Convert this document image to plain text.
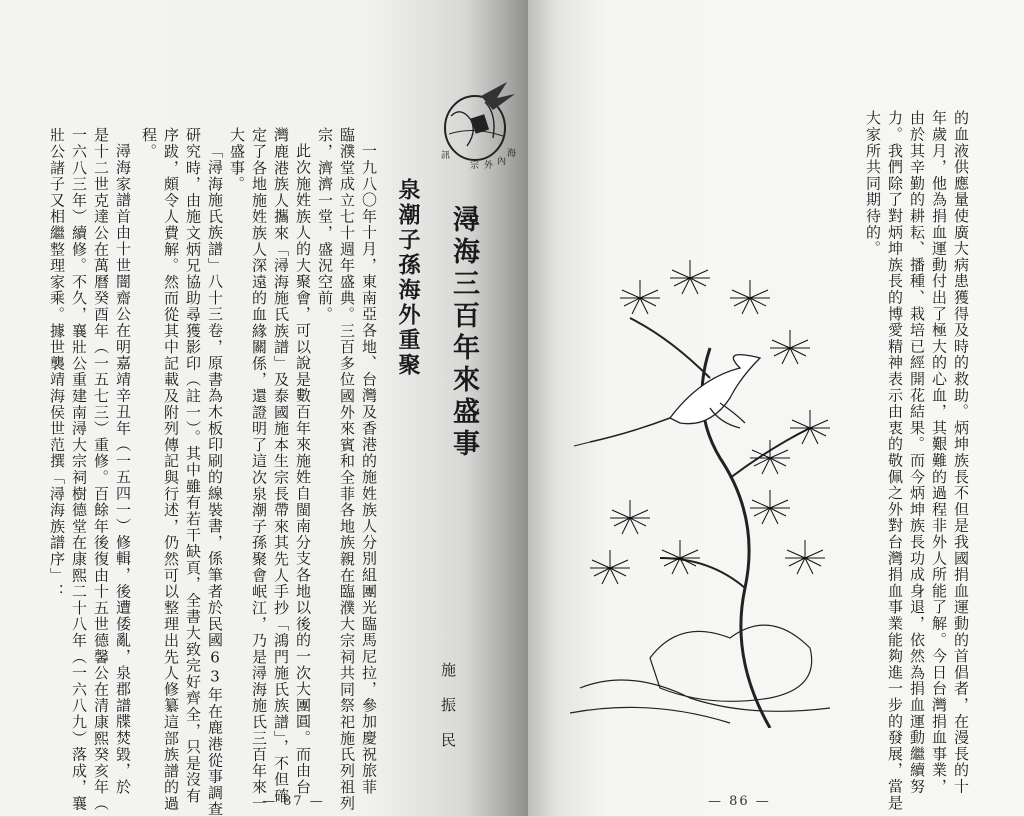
海
外
宗
訊
內
潯海三百年來盛事
泉潮子孫海外重聚
施振民
一九八〇年十月，東南亞各地、台灣及香港的施姓族人分別組團光臨馬尼拉，參加慶祝旅菲
臨濮堂成立七十週年盛典。三百多位國外來賓和全菲各地族親在臨濮大宗祠共同祭祀施氏列祖列
宗，濟濟一堂，盛況空前。
此次施姓族人的大聚會，可以說是數百年來施姓自閩南分支各地以後的一次大團圓。而由台
灣鹿港族人攜來「潯海施氏族譜」及泰國施本生宗長帶來其先人手抄「鴻門施氏族譜」，不但確
定了各地施姓族人深遠的血緣關係，還證明了這次泉潮子孫聚會岷江，乃是潯海施氏三百年來一
大盛事。
「潯海施氏族譜」八十三卷，原書為木板印刷的線裝書，係筆者於民國63年在鹿港從事調查
研究時，由施文炳兄協助尋獲影印（註一）。其中雖有若干缺頁，全書大致完好齊全，只是沒有
序跋，頗令人費解。然而從其中記載及附列傳記與行述，仍然可以整理出先人修纂這部族譜的過
程。
潯海家譜首由十世闇齋公在明嘉靖辛丑年（一五四一）修輯，後遭倭亂，泉郡譜牒焚毀，於
是十二世克達公在萬曆癸酉年（一五七三）重修。百餘年後復由十五世德馨公在清康熙癸亥年（
一六八三年）續修。不久，襄壯公重建南潯大宗祠樹德堂在康熙二十八年（一六八九）落成，襄
壯公諸子又相繼整理家乘。據世襲靖海侯世范撰「潯海族譜序」：
— 87 —
的血液供應量使廣大病患獲得及時的救助。炳坤族長不但是我國捐血運動的首倡者，在漫長的十
年歲月，他為捐血運動付出了極大的心血，其艱難的過程非外人所能了解。今日台灣捐血事業，
由於其辛勤的耕耘、播種、栽培已經開花結果。而今炳坤族長功成身退，依然為捐血運動繼續努
力。我們除了對炳坤族長的博愛精神表示由衷的敬佩之外對台灣捐血事業能夠進一步的發展，當是
大家所共同期待的。
— 86 —
